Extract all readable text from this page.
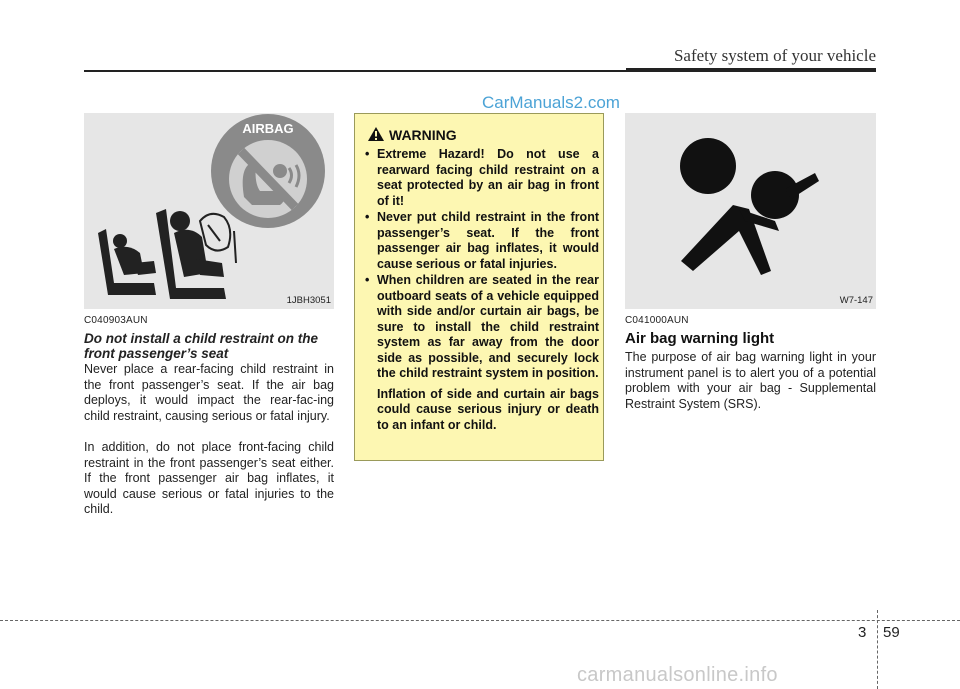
Safety system of your vehicle
CarManuals2.com
AIRBAG
1JBH3051
C040903AUN
Do not install a child restraint on the front passenger’s seat
Never place a rear-facing child restraint in the front passenger’s seat. If the air bag deploys, it would impact the rear-fac-ing child restraint, causing serious or fatal injury.
In addition, do not place front-facing child restraint in the front passenger’s seat either. If the front passenger air bag inflates, it would cause serious or fatal injuries to the child.
WARNING
• Extreme Hazard! Do not use a rearward facing child restraint on a seat protected by an air bag in front of it!
• Never put child restraint in the front passenger’s seat. If the front passenger air bag inflates, it would cause serious or fatal injuries.
• When children are seated in the rear outboard seats of a vehicle equipped with side and/or curtain air bags, be sure to install the child restraint system as far away from the door side as possible, and securely lock the child restraint system in position.
Inflation of side and curtain air bags could cause serious injury or death to an infant or child.
W7-147
C041000AUN
Air bag warning light
The purpose of air bag warning light in your instrument panel is to alert you of a potential problem with your air bag - Supplemental Restraint System (SRS).
3 59
carmanualsonline.info
